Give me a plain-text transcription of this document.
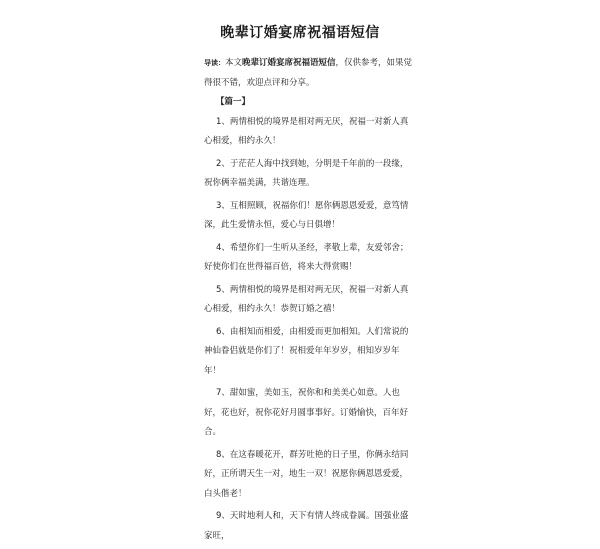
晚辈订婚宴席祝福语短信

导读：本文晚辈订婚宴席祝福语短信，仅供参考，如果觉得很不错，欢迎点评和分享。

【篇一】

1、两情相悦的境界是相对两无厌，祝福一对新人真心相爱，相约永久！

2、于茫茫人海中找到她，分明是千年前的一段缘，祝你俩幸福美满，共谐连理。

3、互相照顾，祝福你们！愿你俩恩恩爱爱，意笃情深，此生爱情永恒，爱心与日俱增！

4、希望你们一生听从圣经，孝敬上辈，友爱邻舍；好使你们在世得福百倍，将来大得赏赐！

5、两情相悦的境界是相对两无厌，祝福一对新人真心相爱，相约永久！恭贺订婚之禧！

6、由相知而相爱，由相爱而更加相知。人们常说的神仙眷侣就是你们了！祝相爱年年岁岁，相知岁岁年年！

7、甜如蜜，美如玉，祝你和和美美心如意。人也好，花也好，祝你花好月圆事事好。订婚愉快，百年好合。

8、在这春暖花开，群芳吐艳的日子里，你俩永结同好，正所谓天生一对，地生一双！祝愿你俩恩恩爱爱，白头偕老！

9、天时地利人和，天下有情人终成眷属。国强业盛家旺，
